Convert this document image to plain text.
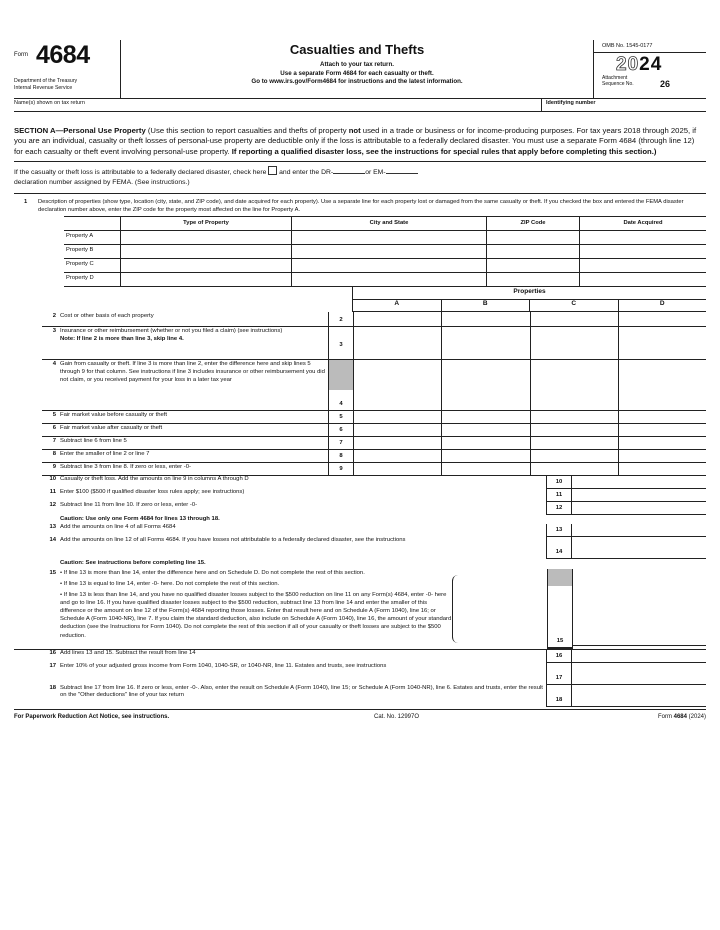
Form 4684
Department of the Treasury
Internal Revenue Service
Casualties and Thefts
Attach to your tax return.
Use a separate Form 4684 for each casualty or theft.
Go to www.irs.gov/Form4684 for instructions and the latest information.
OMB No. 1545-0177
2024
Attachment
Sequence No.	26
Name(s) shown on tax return	Identifying number
SECTION A—Personal Use Property (Use this section to report casualties and thefts of property not used in a trade or business or for income-producing purposes. For tax years 2018 through 2025, if you are an individual, casualty or theft losses of personal-use property are deductible only if the loss is attributable to a federally declared disaster. You must use a separate Form 4684 (through line 12) for each casualty or theft event involving personal-use property. If reporting a qualified disaster loss, see the instructions for special rules that apply before completing this section.)
If the casualty or theft loss is attributable to a federally declared disaster, check here and enter the DR-	or EM-
declaration number assigned by FEMA. (See instructions.)
1	Description of properties (show type, location (city, state, and ZIP code), and date acquired for each property). Use a separate line for each property lost or damaged from the same casualty or theft. If you checked the box and entered the FEMA disaster declaration number above, enter the ZIP code for the property most affected on the line for Property A.
Type of Property	City and State	ZIP Code	Date Acquired
Property A
Property B
Property C
Property D
Properties
A	B	C	D
2 Cost or other basis of each property
2
3 Insurance or other reimbursement (whether or not you filed a claim) (see instructions)
Note: If line 2 is more than line 3, skip line 4.
3
4 Gain from casualty or theft. If line 3 is more than line 2, enter the difference here and skip lines 5 through 9 for that column. See instructions if line 3 includes insurance or other reimbursement you did not claim, or you received payment for your loss in a later tax year
4
5 Fair market value before casualty or theft	5
6 Fair market value after casualty or theft	6
7 Subtract line 6 from line 5	7
8 Enter the smaller of line 2 or line 7	8
9 Subtract line 3 from line 8. If zero or less, enter -0-	9
10 Casualty or theft loss. Add the amounts on line 9 in columns A through D
10
11 Enter $100 ($500 if qualified disaster loss rules apply; see instructions)
11
12 Subtract line 11 from line 10. If zero or less, enter -0-
12
Caution: Use only one Form 4684 for lines 13 through 18.
13 Add the amounts on line 4 of all Forms 4684
13
14 Add the amounts on line 12 of all Forms 4684. If you have losses not attributable to a federally declared disaster, see the instructions
14
Caution: See instructions before completing line 15.
15 • If line 13 is more than line 14, enter the difference here and on Schedule D. Do not complete the rest of this section.
• If line 13 is equal to line 14, enter -0- here. Do not complete the rest of this section.
• If line 13 is less than line 14, and you have no qualified disaster losses subject to the $500 reduction on line 11 on any Form(s) 4684, enter -0- here and go to line 16. If you have qualified disaster losses subject to the $500 reduction, subtract line 13 from line 14 and enter the smaller of this difference or the amount on line 12 of the Form(s) 4684 reporting those losses. Enter that result here and on Schedule A (Form 1040), line 16; or Schedule A (Form 1040-NR), line 7. If you claim the standard deduction, also include on Schedule A (Form 1040), line 16, the amount of your standard deduction (see the Instructions for Form 1040). Do not complete the rest of this section if all of your casualty or theft losses are subject to the $500 reduction.
15
16 Add lines 13 and 15. Subtract the result from line 14
16
17 Enter 10% of your adjusted gross income from Form 1040, 1040-SR, or 1040-NR, line 11. Estates and trusts, see instructions
17
18 Subtract line 17 from line 16. If zero or less, enter -0-. Also, enter the result on Schedule A (Form 1040), line 15; or Schedule A (Form 1040-NR), line 6. Estates and trusts, enter the result on the "Other deductions" line of your tax return
18
For Paperwork Reduction Act Notice, see instructions.	Cat. No. 12997O	Form 4684 (2024)
